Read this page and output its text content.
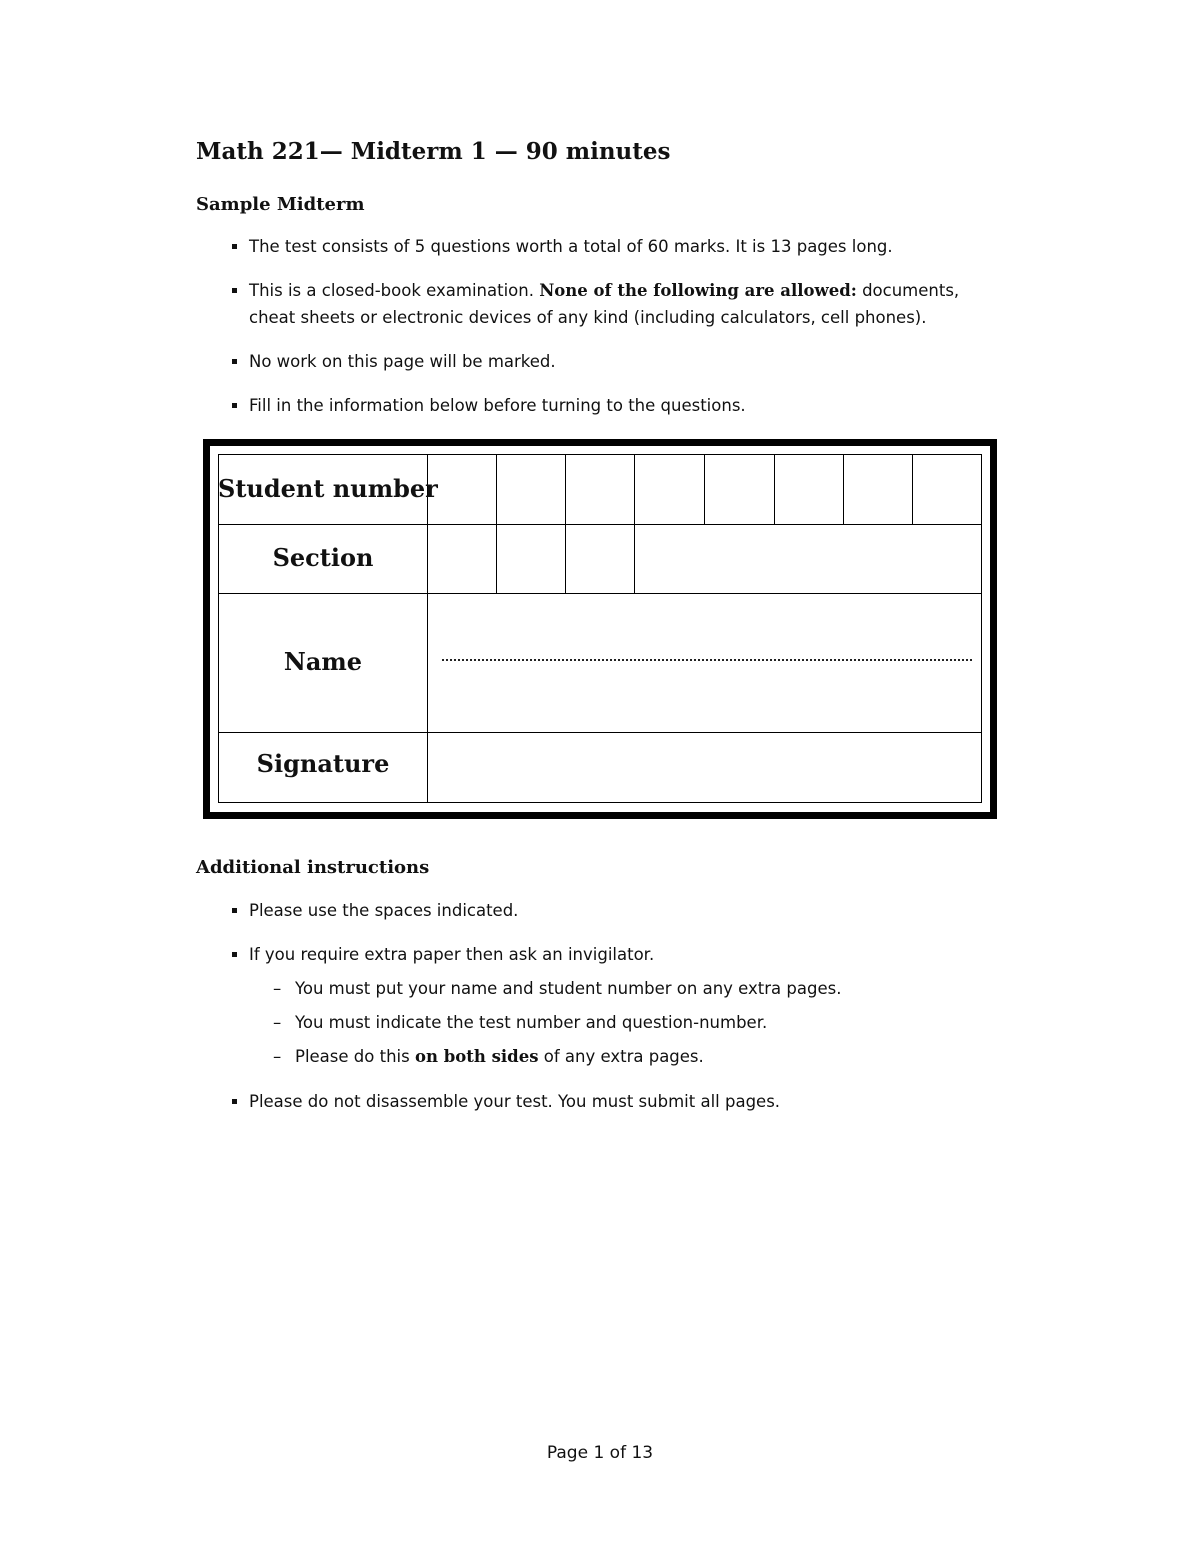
Math 221— Midterm 1 — 90 minutes
Sample Midterm
The test consists of 5 questions worth a total of 60 marks. It is 13 pages long.
This is a closed-book examination. None of the following are allowed: documents, cheat sheets or electronic devices of any kind (including calculators, cell phones).
No work on this page will be marked.
Fill in the information below before turning to the questions.
Student number
Section
Name
Signature
Additional instructions
Please use the spaces indicated.
If you require extra paper then ask an invigilator.
– You must put your name and student number on any extra pages.
– You must indicate the test number and question-number.
– Please do this on both sides of any extra pages.
Please do not disassemble your test. You must submit all pages.
Page 1 of 13
